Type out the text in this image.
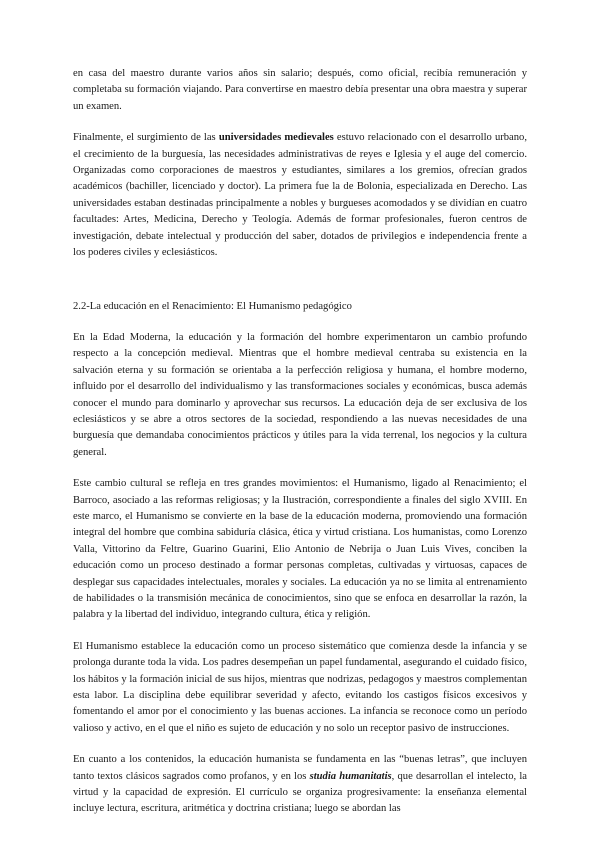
en casa del maestro durante varios años sin salario; después, como oficial, recibía remuneración y completaba su formación viajando. Para convertirse en maestro debía presentar una obra maestra y superar un examen.

Finalmente, el surgimiento de las universidades medievales estuvo relacionado con el desarrollo urbano, el crecimiento de la burguesía, las necesidades administrativas de reyes e Iglesia y el auge del comercio. Organizadas como corporaciones de maestros y estudiantes, similares a los gremios, ofrecían grados académicos (bachiller, licenciado y doctor). La primera fue la de Bolonia, especializada en Derecho. Las universidades estaban destinadas principalmente a nobles y burgueses acomodados y se dividían en cuatro facultades: Artes, Medicina, Derecho y Teología. Además de formar profesionales, fueron centros de investigación, debate intelectual y producción del saber, dotados de privilegios e independencia frente a los poderes civiles y eclesiásticos.

2.2-La educación en el Renacimiento: El Humanismo pedagógico

En la Edad Moderna, la educación y la formación del hombre experimentaron un cambio profundo respecto a la concepción medieval. Mientras que el hombre medieval centraba su existencia en la salvación eterna y su formación se orientaba a la perfección religiosa y humana, el hombre moderno, influido por el desarrollo del individualismo y las transformaciones sociales y económicas, busca además conocer el mundo para dominarlo y aprovechar sus recursos. La educación deja de ser exclusiva de los eclesiásticos y se abre a otros sectores de la sociedad, respondiendo a las nuevas necesidades de una burguesía que demandaba conocimientos prácticos y útiles para la vida terrenal, los negocios y la cultura general.

Este cambio cultural se refleja en tres grandes movimientos: el Humanismo, ligado al Renacimiento; el Barroco, asociado a las reformas religiosas; y la Ilustración, correspondiente a finales del siglo XVIII. En este marco, el Humanismo se convierte en la base de la educación moderna, promoviendo una formación integral del hombre que combina sabiduría clásica, ética y virtud cristiana. Los humanistas, como Lorenzo Valla, Vittorino da Feltre, Guarino Guarini, Elio Antonio de Nebrija o Juan Luis Vives, conciben la educación como un proceso destinado a formar personas completas, cultivadas y virtuosas, capaces de desplegar sus capacidades intelectuales, morales y sociales. La educación ya no se limita al entrenamiento de habilidades o la transmisión mecánica de conocimientos, sino que se enfoca en desarrollar la razón, la palabra y la libertad del individuo, integrando cultura, ética y religión.

El Humanismo establece la educación como un proceso sistemático que comienza desde la infancia y se prolonga durante toda la vida. Los padres desempeñan un papel fundamental, asegurando el cuidado físico, los hábitos y la formación inicial de sus hijos, mientras que nodrizas, pedagogos y maestros complementan esta labor. La disciplina debe equilibrar severidad y afecto, evitando los castigos físicos excesivos y fomentando el amor por el conocimiento y las buenas acciones. La infancia se reconoce como un período valioso y activo, en el que el niño es sujeto de educación y no solo un receptor pasivo de instrucciones.

En cuanto a los contenidos, la educación humanista se fundamenta en las “buenas letras”, que incluyen tanto textos clásicos sagrados como profanos, y en los studia humanitatis, que desarrollan el intelecto, la virtud y la capacidad de expresión. El currículo se organiza progresivamente: la enseñanza elemental incluye lectura, escritura, aritmética y doctrina cristiana; luego se abordan las
